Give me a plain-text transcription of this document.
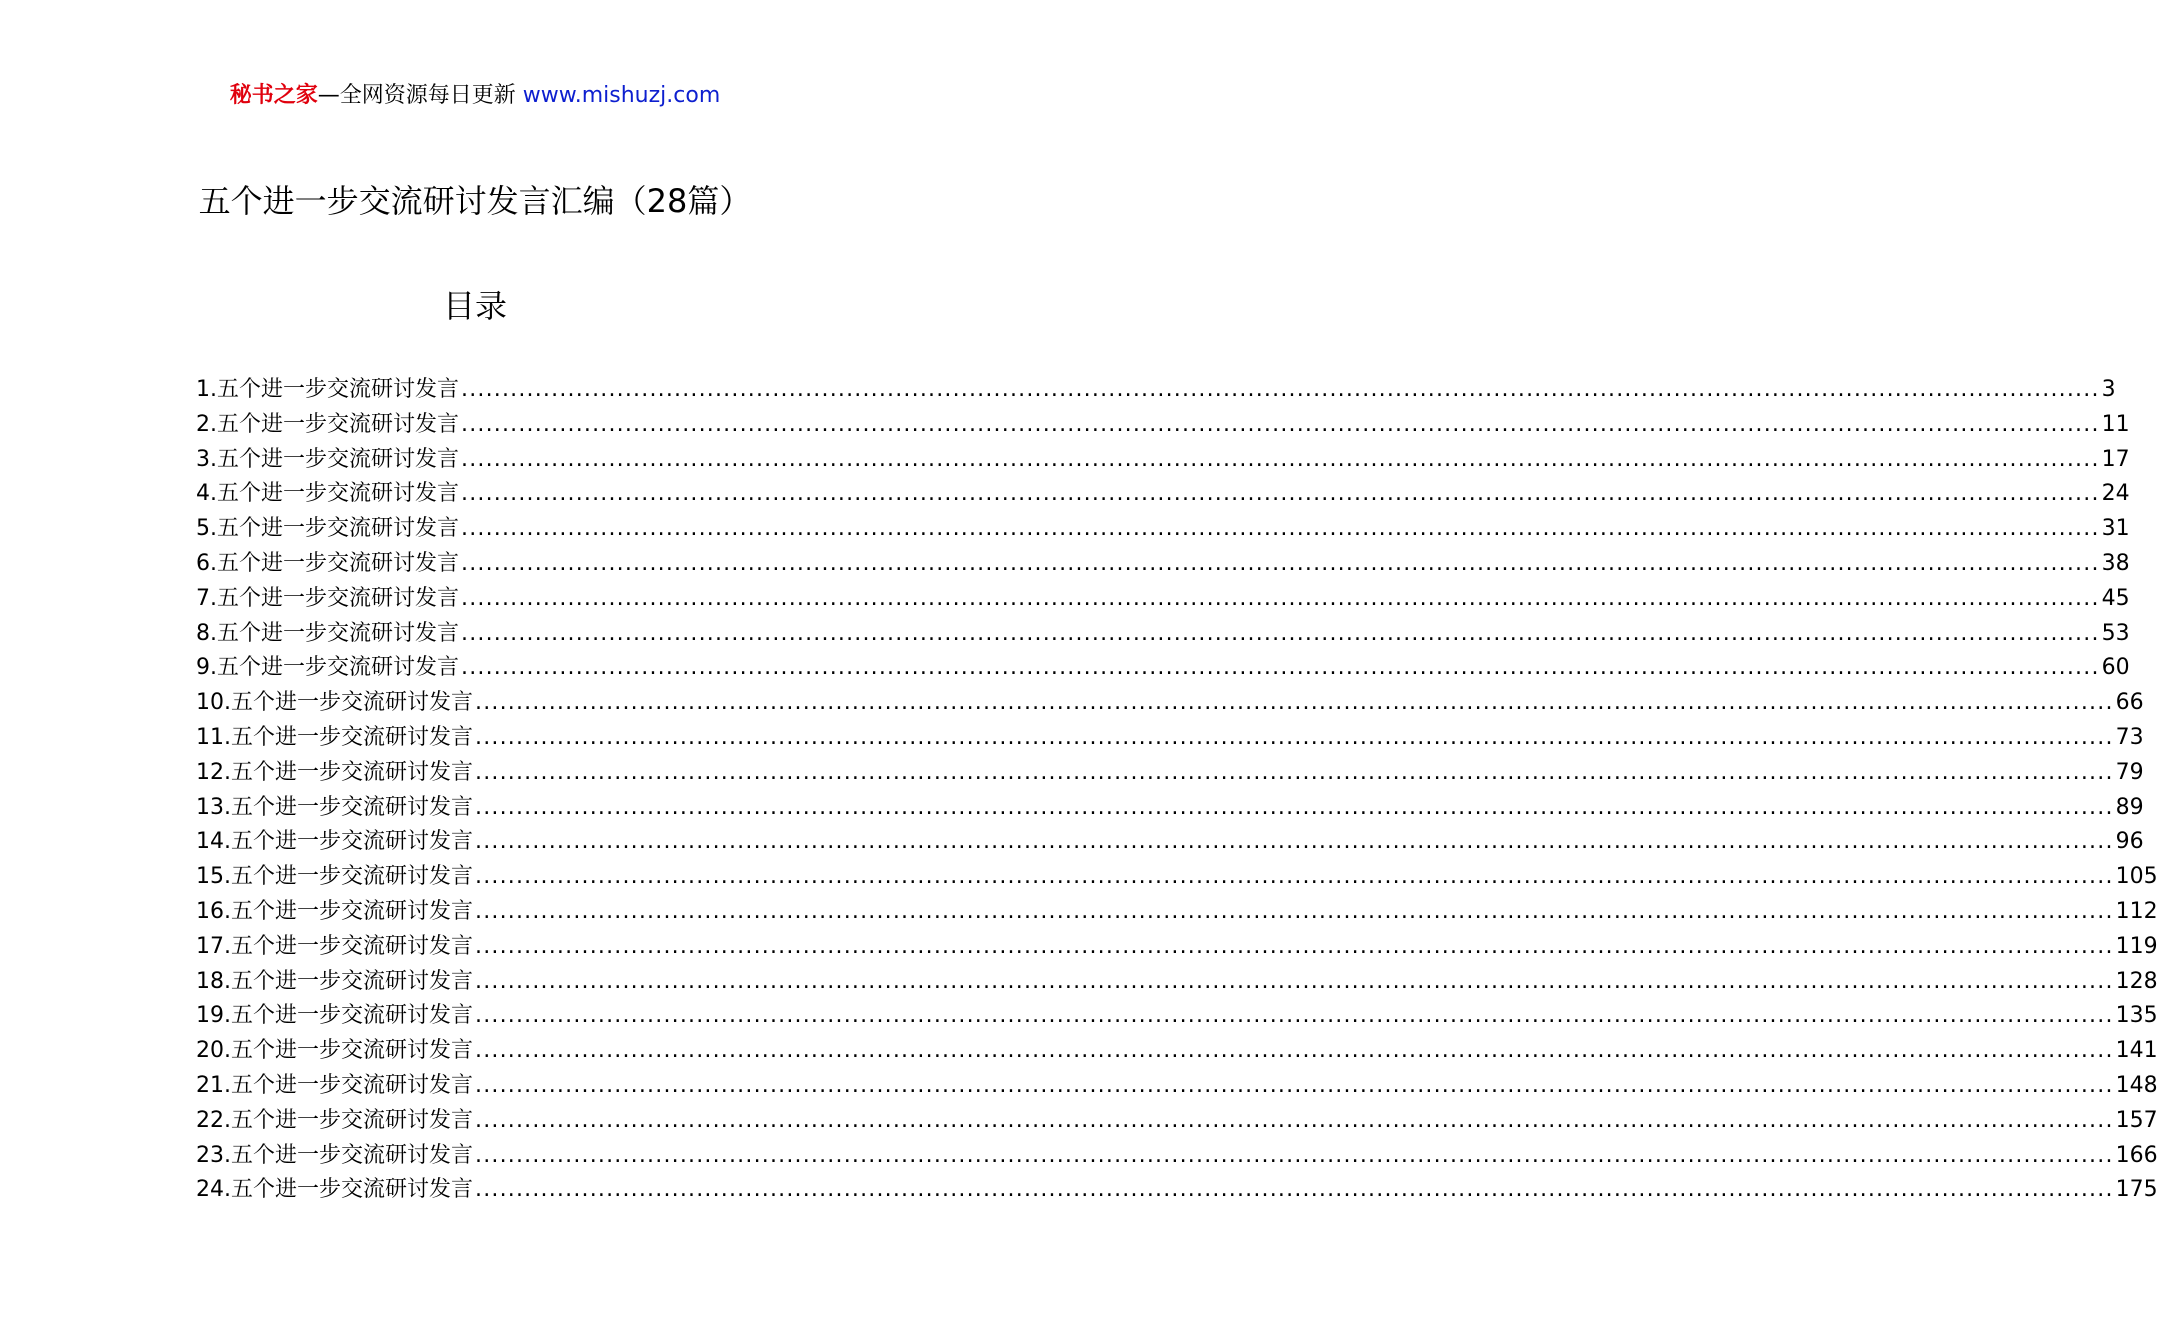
秘书之家—全网资源每日更新 www.mishuzj.com
五个进一步交流研讨发言汇编（28篇）
目录
1.五个进一步交流研讨发言 ........................................................................................................................................................................................................ 3
2.五个进一步交流研讨发言 ........................................................................................................................................................................................................ 11
3.五个进一步交流研讨发言 ........................................................................................................................................................................................................ 17
4.五个进一步交流研讨发言 ........................................................................................................................................................................................................ 24
5.五个进一步交流研讨发言 ........................................................................................................................................................................................................ 31
6.五个进一步交流研讨发言 ........................................................................................................................................................................................................ 38
7.五个进一步交流研讨发言 ........................................................................................................................................................................................................ 45
8.五个进一步交流研讨发言 ........................................................................................................................................................................................................ 53
9.五个进一步交流研讨发言 ........................................................................................................................................................................................................ 60
10.五个进一步交流研讨发言 ........................................................................................................................................................................................................ 66
11.五个进一步交流研讨发言 ........................................................................................................................................................................................................ 73
12.五个进一步交流研讨发言 ........................................................................................................................................................................................................ 79
13.五个进一步交流研讨发言 ........................................................................................................................................................................................................ 89
14.五个进一步交流研讨发言 ........................................................................................................................................................................................................ 96
15.五个进一步交流研讨发言 ........................................................................................................................................................................................................ 105
16.五个进一步交流研讨发言 ........................................................................................................................................................................................................ 112
17.五个进一步交流研讨发言 ........................................................................................................................................................................................................ 119
18.五个进一步交流研讨发言 ........................................................................................................................................................................................................ 128
19.五个进一步交流研讨发言 ........................................................................................................................................................................................................ 135
20.五个进一步交流研讨发言 ........................................................................................................................................................................................................ 141
21.五个进一步交流研讨发言 ........................................................................................................................................................................................................ 148
22.五个进一步交流研讨发言 ........................................................................................................................................................................................................ 157
23.五个进一步交流研讨发言 ........................................................................................................................................................................................................ 166
24.五个进一步交流研讨发言 ........................................................................................................................................................................................................ 175
